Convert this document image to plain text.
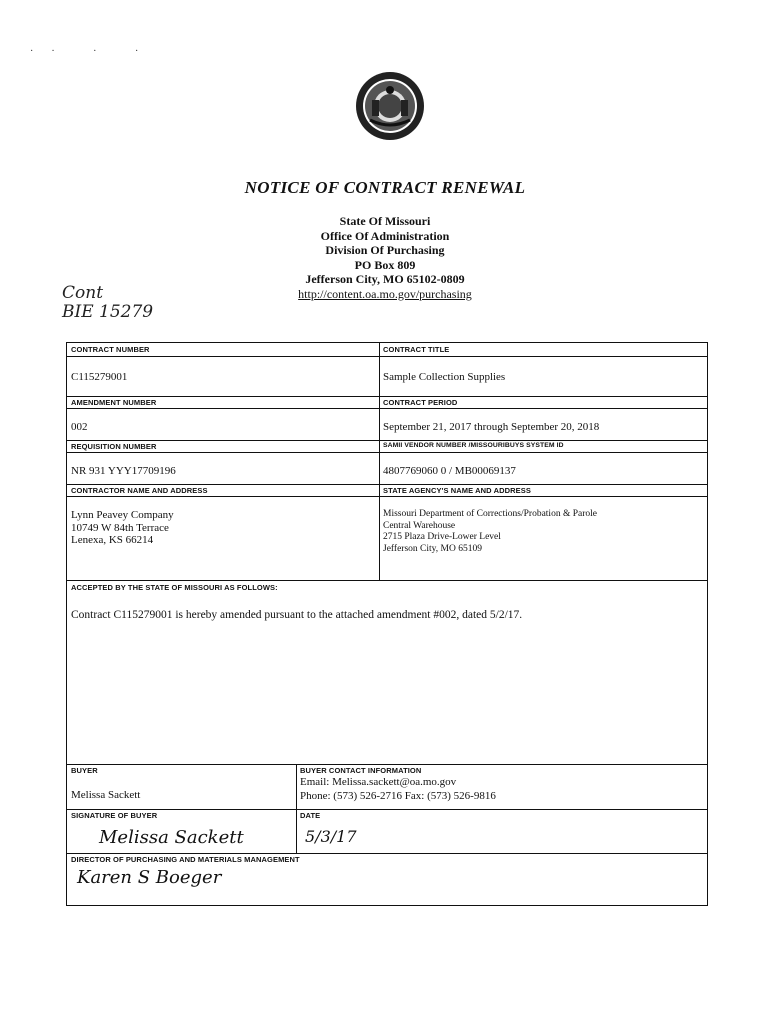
·· · ·
NOTICE OF CONTRACT RENEWAL
State Of Missouri
Office Of Administration
Division Of Purchasing
PO Box 809
Jefferson City, MO 65102-0809
http://content.oa.mo.gov/purchasing
Cont
BIE 15279
CONTRACT NUMBER
C115279001
CONTRACT TITLE
Sample Collection Supplies
AMENDMENT NUMBER
002
CONTRACT PERIOD
September 21, 2017 through September 20, 2018
REQUISITION NUMBER
NR 931 YYY17709196
SAMII VENDOR NUMBER /MISSOURIBUYS SYSTEM ID
4807769060 0 / MB00069137
CONTRACTOR NAME AND ADDRESS
Lynn Peavey Company
10749 W 84th Terrace
Lenexa, KS 66214
STATE AGENCY'S NAME AND ADDRESS
Missouri Department of Corrections/Probation & Parole
Central Warehouse
2715 Plaza Drive-Lower Level
Jefferson City, MO 65109
ACCEPTED BY THE STATE OF MISSOURI AS FOLLOWS:
Contract C115279001 is hereby amended pursuant to the attached amendment #002, dated 5/2/17.
BUYER
Melissa Sackett
BUYER CONTACT INFORMATION
Email: Melissa.sackett@oa.mo.gov
Phone: (573) 526-2716 Fax: (573) 526-9816
SIGNATURE OF BUYER
Melissa Sackett
DATE
5/3/17
DIRECTOR OF PURCHASING AND MATERIALS MANAGEMENT
Karen S Boeger
